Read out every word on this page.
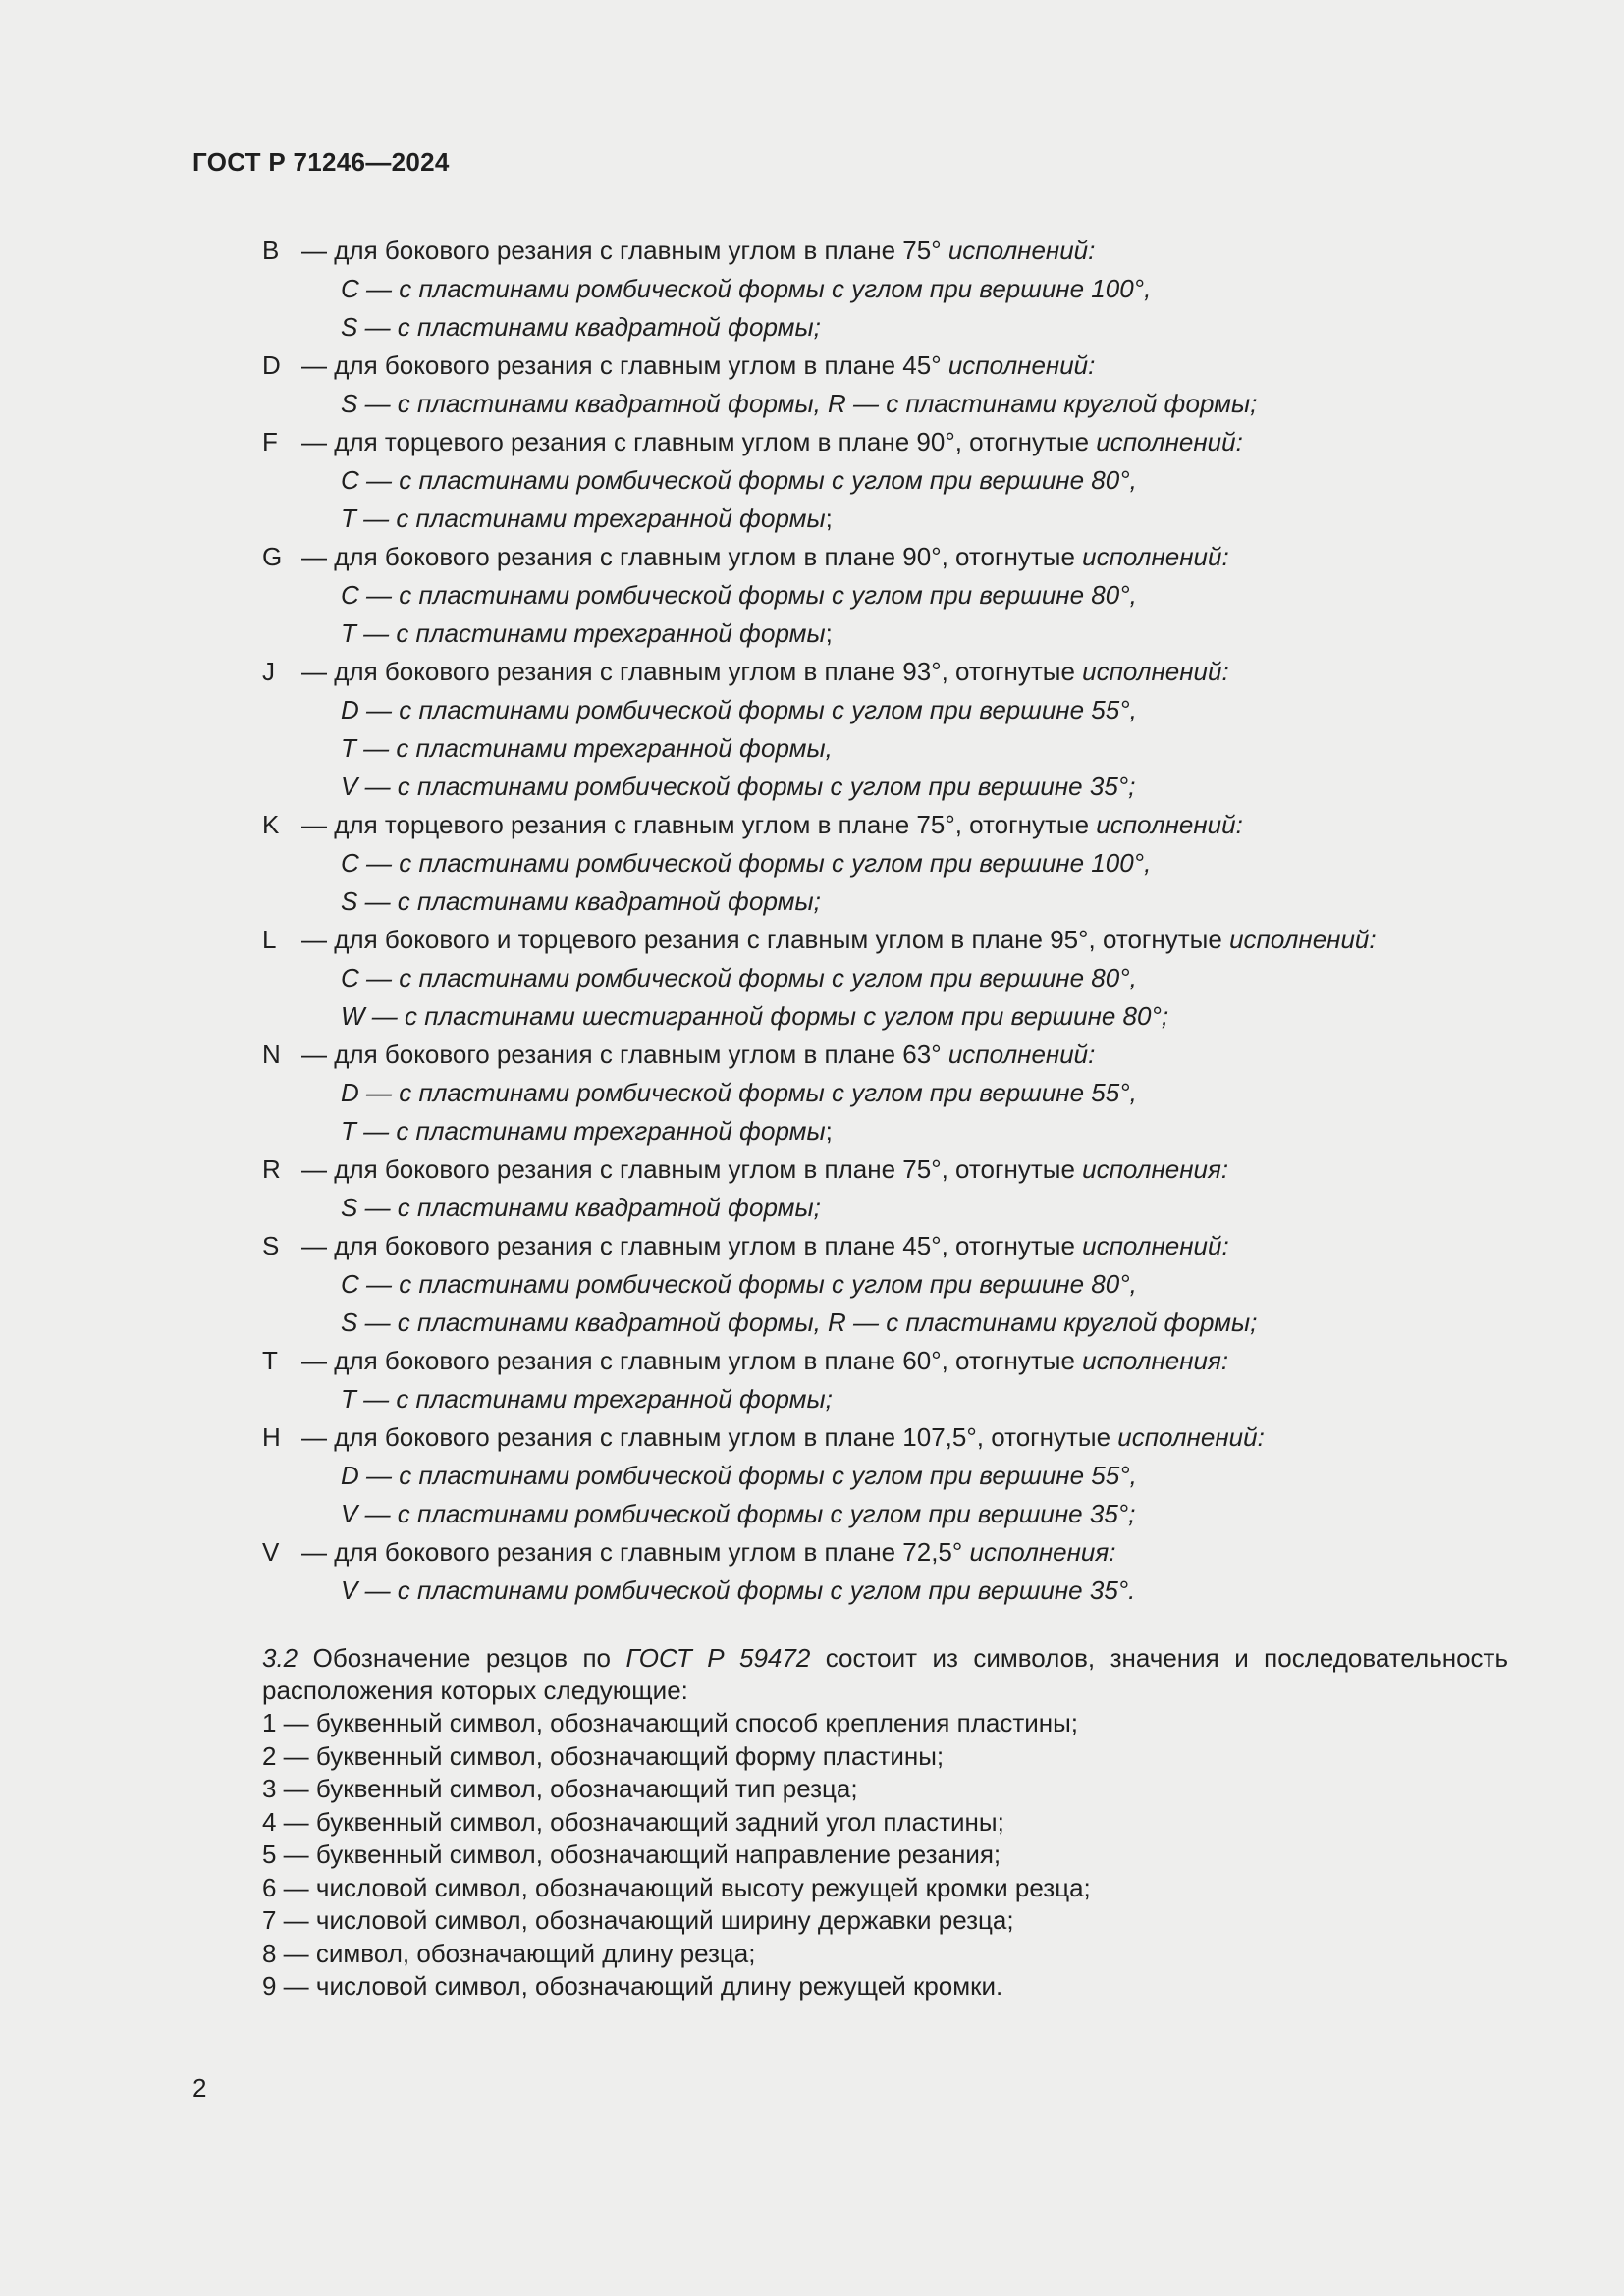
ГОСТ Р 71246—2024
B — для бокового резания с главным углом в плане 75° исполнений:
C — с пластинами ромбической формы с углом при вершине 100°,
S — с пластинами квадратной формы;
D — для бокового резания с главным углом в плане 45° исполнений:
S — с пластинами квадратной формы, R — с пластинами круглой формы;
F — для торцевого резания с главным углом в плане 90°, отогнутые исполнений:
C — с пластинами ромбической формы с углом при вершине 80°,
T — с пластинами трехгранной формы;
G — для бокового резания с главным углом в плане 90°, отогнутые исполнений:
C — с пластинами ромбической формы с углом при вершине 80°,
T — с пластинами трехгранной формы;
J — для бокового резания с главным углом в плане 93°, отогнутые исполнений:
D — с пластинами ромбической формы с углом при вершине 55°,
T — с пластинами трехгранной формы,
V — с пластинами ромбической формы с углом при вершине 35°;
K — для торцевого резания с главным углом в плане 75°, отогнутые исполнений:
C — с пластинами ромбической формы с углом при вершине 100°,
S — с пластинами квадратной формы;
L — для бокового и торцевого резания с главным углом в плане 95°, отогнутые исполнений:
C — с пластинами ромбической формы с углом при вершине 80°,
W — с пластинами шестигранной формы с углом при вершине 80°;
N — для бокового резания с главным углом в плане 63° исполнений:
D — с пластинами ромбической формы с углом при вершине 55°,
T — с пластинами трехгранной формы;
R — для бокового резания с главным углом в плане 75°, отогнутые исполнения:
S — с пластинами квадратной формы;
S — для бокового резания с главным углом в плане 45°, отогнутые исполнений:
C — с пластинами ромбической формы с углом при вершине 80°,
S — с пластинами квадратной формы, R — с пластинами круглой формы;
T — для бокового резания с главным углом в плане 60°, отогнутые исполнения:
T — с пластинами трехгранной формы;
H — для бокового резания с главным углом в плане 107,5°, отогнутые исполнений:
D — с пластинами ромбической формы с углом при вершине 55°,
V — с пластинами ромбической формы с углом при вершине 35°;
V — для бокового резания с главным углом в плане 72,5° исполнения:
V — с пластинами ромбической формы с углом при вершине 35°.
3.2 Обозначение резцов по ГОСТ Р 59472 состоит из символов, значения и последовательность расположения которых следующие:
1 — буквенный символ, обозначающий способ крепления пластины;
2 — буквенный символ, обозначающий форму пластины;
3 — буквенный символ, обозначающий тип резца;
4 — буквенный символ, обозначающий задний угол пластины;
5 — буквенный символ, обозначающий направление резания;
6 — числовой символ, обозначающий высоту режущей кромки резца;
7 — числовой символ, обозначающий ширину державки резца;
8 — символ, обозначающий длину резца;
9 — числовой символ, обозначающий длину режущей кромки.
2
